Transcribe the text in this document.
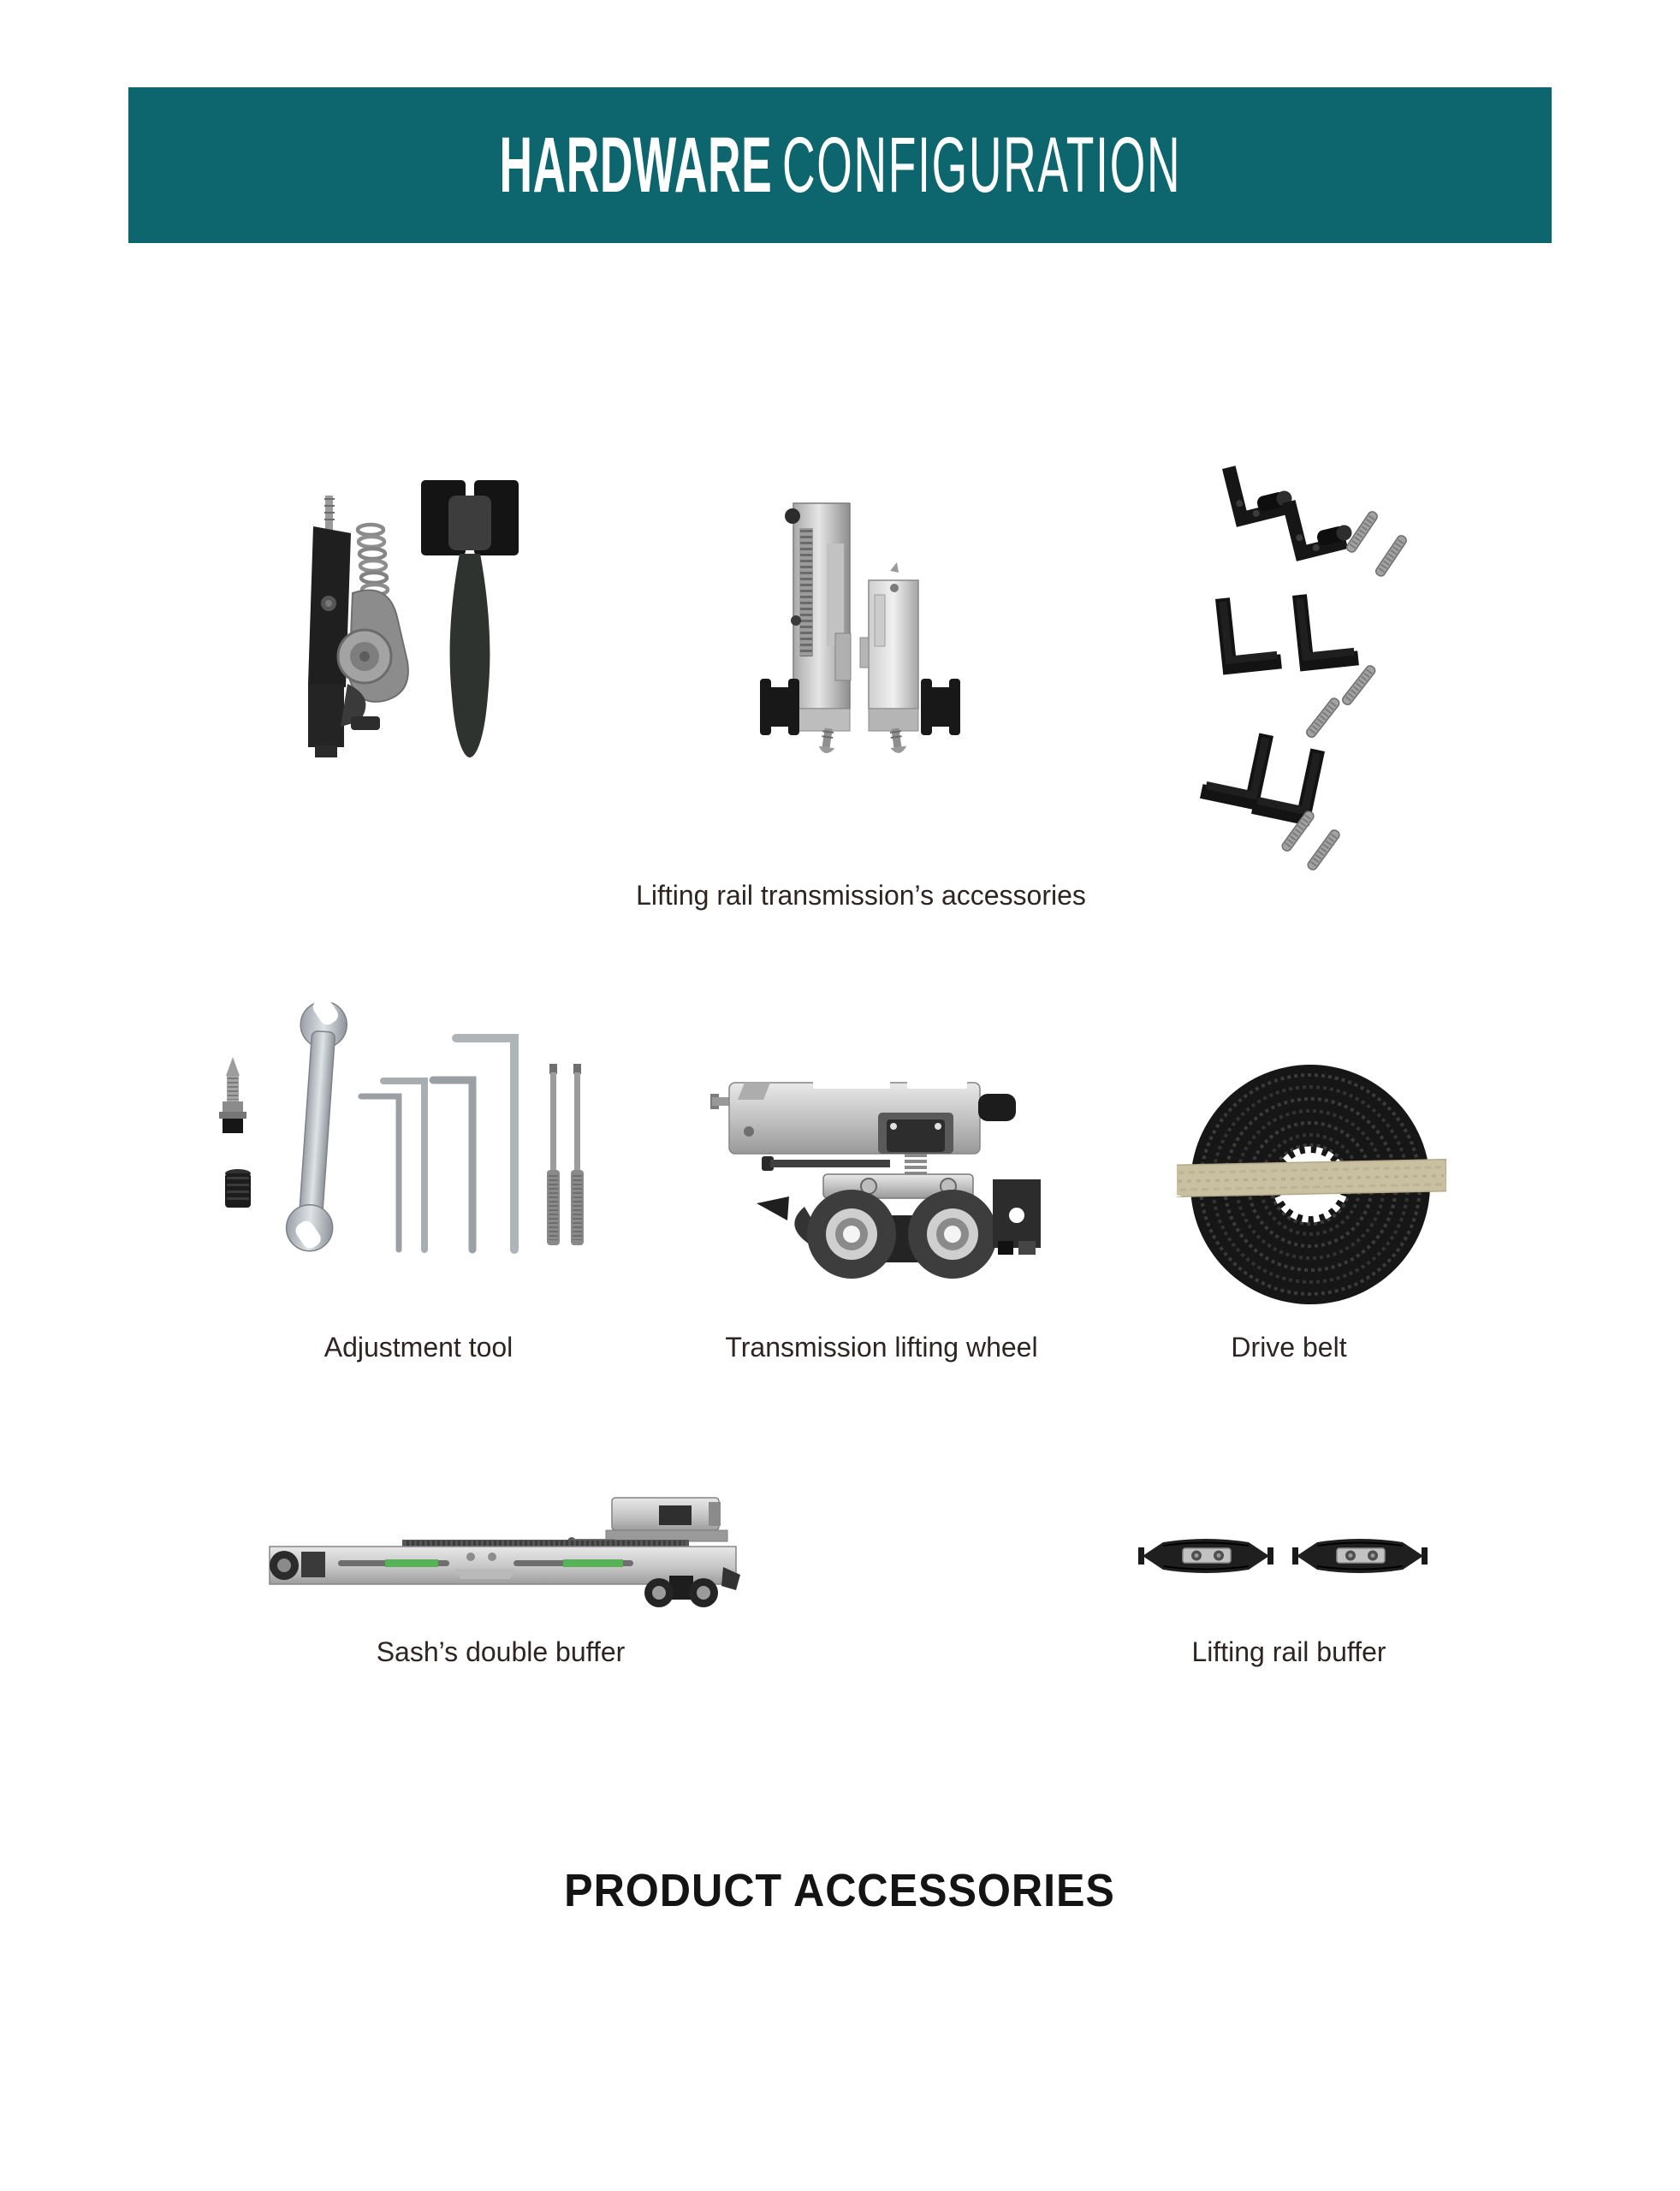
HARDWARE CONFIGURATION
Lifting rail transmission’s accessories
Adjustment tool	Transmission lifting wheel	Drive belt
Sash’s double buffer	Lifting rail buffer
PRODUCT ACCESSORIES
